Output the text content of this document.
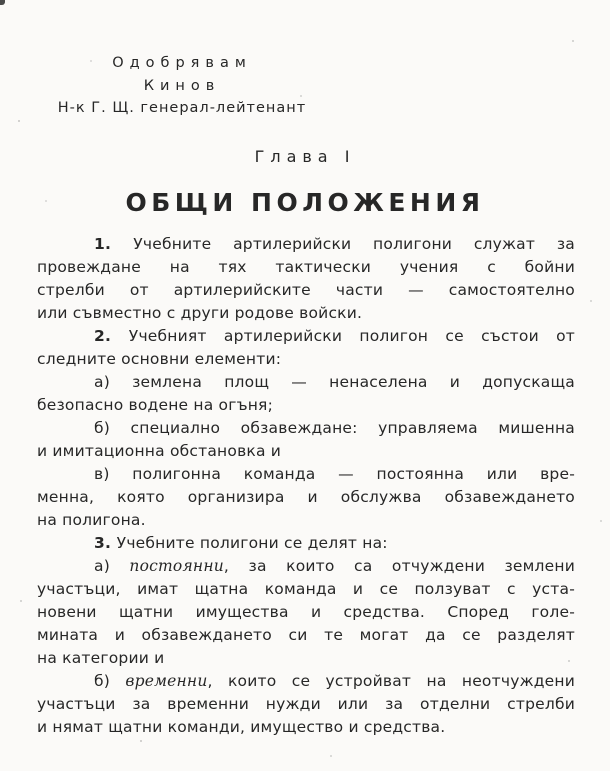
Одобрявам
Кинов
Н-к Г. Щ. генерал-лейтенант
Глава I
ОБЩИ ПОЛОЖЕНИЯ
1. Учебните артилерийски полигони служат за
провеждане на тях тактически учения с бойни
стрелби от артилерийските части — самостоятелно
или съвместно с други родове войски.
2. Учебният артилерийски полигон се състои от
следните основни елементи:
а) землена площ — ненаселена и допускаща
безопасно водене на огъня;
б) специално обзавеждане: управляема мишенна
и имитационна обстановка и
в) полигонна команда — постоянна или вре-
менна, която организира и обслужва обзавеждането
на полигона.
3. Учебните полигони се делят на:
а) постоянни, за които са отчуждени землени
участъци, имат щатна команда и се ползуват с уста-
новени щатни имущества и средства. Според голе-
мината и обзавеждането си те могат да се разделят
на категории и
б) временни, които се устройват на неотчуждени
участъци за временни нужди или за отделни стрелби
и нямат щатни команди, имущество и средства.
